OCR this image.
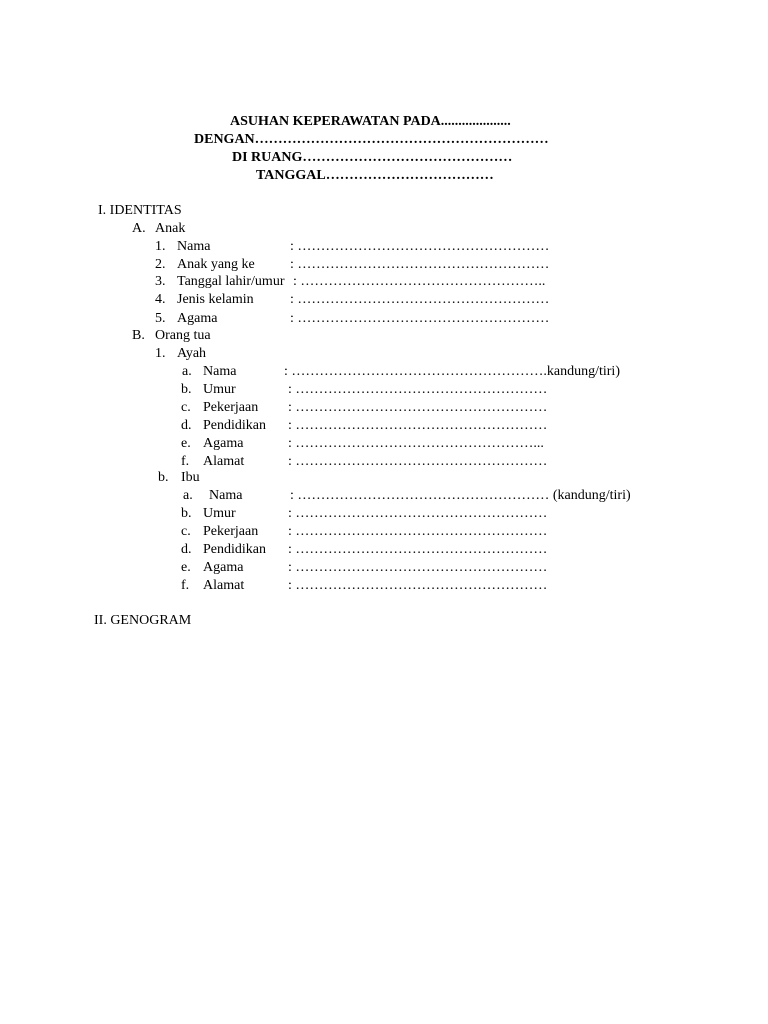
ASUHAN KEPERAWATAN PADA....................
DENGAN………………………………………………………
DI RUANG………………………………………
TANGGAL………………………………
I. IDENTITAS
A. Anak
1. Nama	: ………………………………………………
2. Anak yang ke	: ………………………………………………
3. Tanggal lahir/umur : ……………………………………………..
4. Jenis kelamin	: ………………………………………………
5. Agama	: ………………………………………………
B. Orang tua
1. Ayah
a. Nama	: ……………………………………………….kandung/tiri)
b. Umur	: ………………………………………………
c. Pekerjaan : ………………………………………………
d. Pendidikan : ………………………………………………
e. Agama	: ……………………………………………...
f. Alamat	: ………………………………………………
b. Ibu
a. Nama	: ……………………………………………… (kandung/tiri)
b. Umur	: ………………………………………………
c. Pekerjaan : ………………………………………………
d. Pendidikan : ………………………………………………
e. Agama	: ………………………………………………
f. Alamat	: ………………………………………………
II. GENOGRAM
